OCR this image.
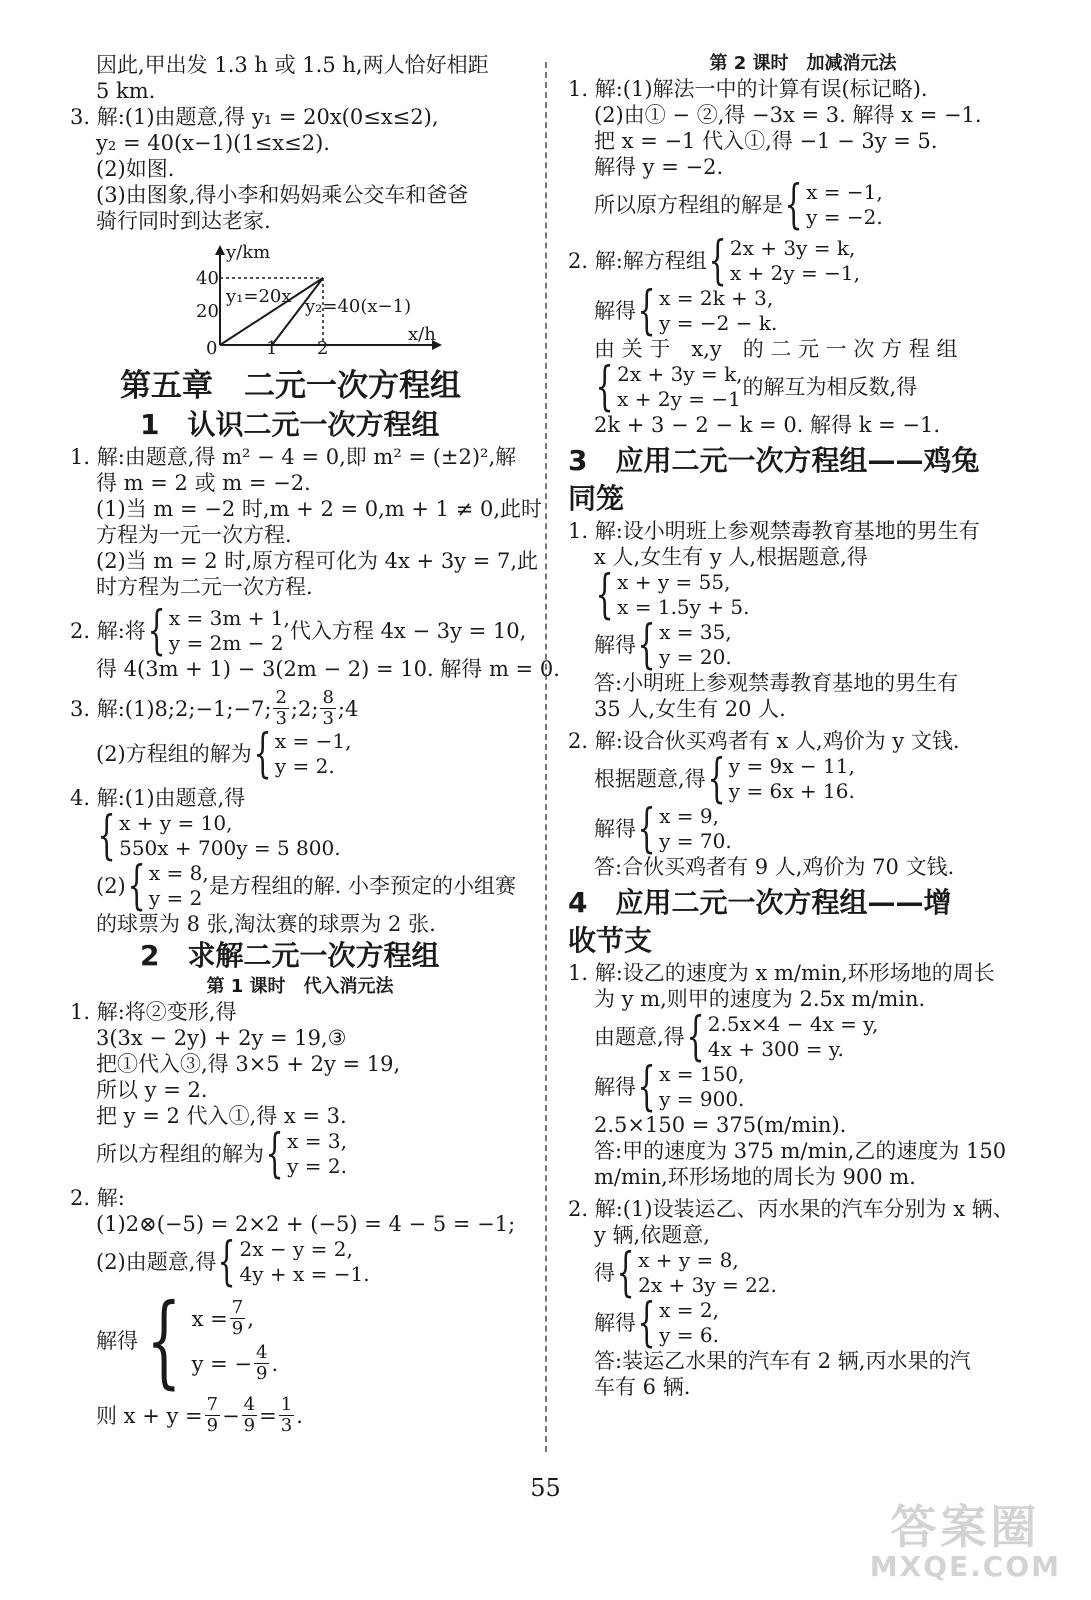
因此,甲出发 1.3 h 或 1.5 h,两人恰好相距
5 km.
3. 解:(1)由题意,得 y₁ = 20x(0≤x≤2),
y₂ = 40(x−1)(1≤x≤2).
(2)如图.
(3)由图象,得小李和妈妈乘公交车和爸爸
骑行同时到达老家.
y/km
x/h
40
20
0	1 2
y₁=20x y₂=40(x−1)
第五章　二元一次方程组
1　认识二元一次方程组
1. 解:由题意,得 m² − 4 = 0,即 m² = (±2)²,解
得 m = 2 或 m = −2.
(1)当 m = −2 时,m + 2 = 0,m + 1 ≠ 0,此时
方程为一元一次方程.
(2)当 m = 2 时,原方程可化为 4x + 3y = 7,此
时方程为二元一次方程.
2. 解:将 { x = 3m + 1,
y = 2m − 2 代入方程 4x − 3y = 10,
得 4(3m + 1) − 3(2m − 2) = 10. 解得 m = 0.
3. 解:(1)8;2;−1;−7; $\frac{2}{3}$ ;2; $\frac{8}{3}$ ;4
(2)方程组的解为 { x = −1,
y = 2.
4. 解:(1)由题意,得
{ x + y = 10,
550x + 700y = 5 800.
(2) { x = 8,
y = 2 是方程组的解. 小李预定的小组赛
的球票为 8 张,淘汰赛的球票为 2 张.
2　求解二元一次方程组
第 1 课时　代入消元法
1. 解:将②变形,得
3(3x − 2y) + 2y = 19,③
把①代入③,得 3×5 + 2y = 19,
所以 y = 2.
把 y = 2 代入①,得 x = 3.
所以方程组的解为 { x = 3,
y = 2.
2. 解:
(1)2⊗(−5) = 2×2 + (−5) = 4 − 5 = −1;
(2)由题意,得 { 2x − y = 2,
4y + x = −1.
解得 { $x = \frac{7}{9}$ ,
y = − $\frac{4}{9}$ .
则 $x + y = \frac{7}{9} - \frac{4}{9} = \frac{1}{3}$ .
第 2 课时　加减消元法
1. 解:(1)解法一中的计算有误(标记略).
(2)由① − ②,得 −3x = 3. 解得 x = −1.
把 x = −1 代入①,得 −1 − 3y = 5.
解得 y = −2.
所以原方程组的解是 { x = −1,
y = −2.
2. 解:解方程组 { 2x + 3y = k,
x + 2y = −1,
解得 { x = 2k + 3,
y = −2 − k.
由 关 于　x,y　的 二 元 一 次 方 程 组
{ 2x + 3y = k,
x + 2y = −1 的解互为相反数,得
2k + 3 − 2 − k = 0. 解得 k = −1.
3　应用二元一次方程组——鸡兔
同笼
1. 解:设小明班上参观禁毒教育基地的男生有
x 人,女生有 y 人,根据题意,得
{ x + y = 55,
x = 1.5y + 5.
解得 { x = 35,
y = 20.
答:小明班上参观禁毒教育基地的男生有
35 人,女生有 20 人.
2. 解:设合伙买鸡者有 x 人,鸡价为 y 文钱.
根据题意,得 { y = 9x − 11,
y = 6x + 16.
解得 { x = 9,
y = 70.
答:合伙买鸡者有 9 人,鸡价为 70 文钱.
4　应用二元一次方程组——增
收节支
1. 解:设乙的速度为 x m/min,环形场地的周长
为 y m,则甲的速度为 2.5x m/min.
由题意,得 { 2.5x×4 − 4x = y,
4x + 300 = y.
解得 { x = 150,
y = 900.
2.5×150 = 375(m/min).
答:甲的速度为 375 m/min,乙的速度为 150
m/min,环形场地的周长为 900 m.
2. 解:(1)设装运乙、丙水果的汽车分别为 x 辆、
y 辆,依题意,
得 { x + y = 8,
2x + 3y = 22.
解得 { x = 2,
y = 6.
答:装运乙水果的汽车有 2 辆,丙水果的汽
车有 6 辆.
55
答案圈
MXQE.COM
